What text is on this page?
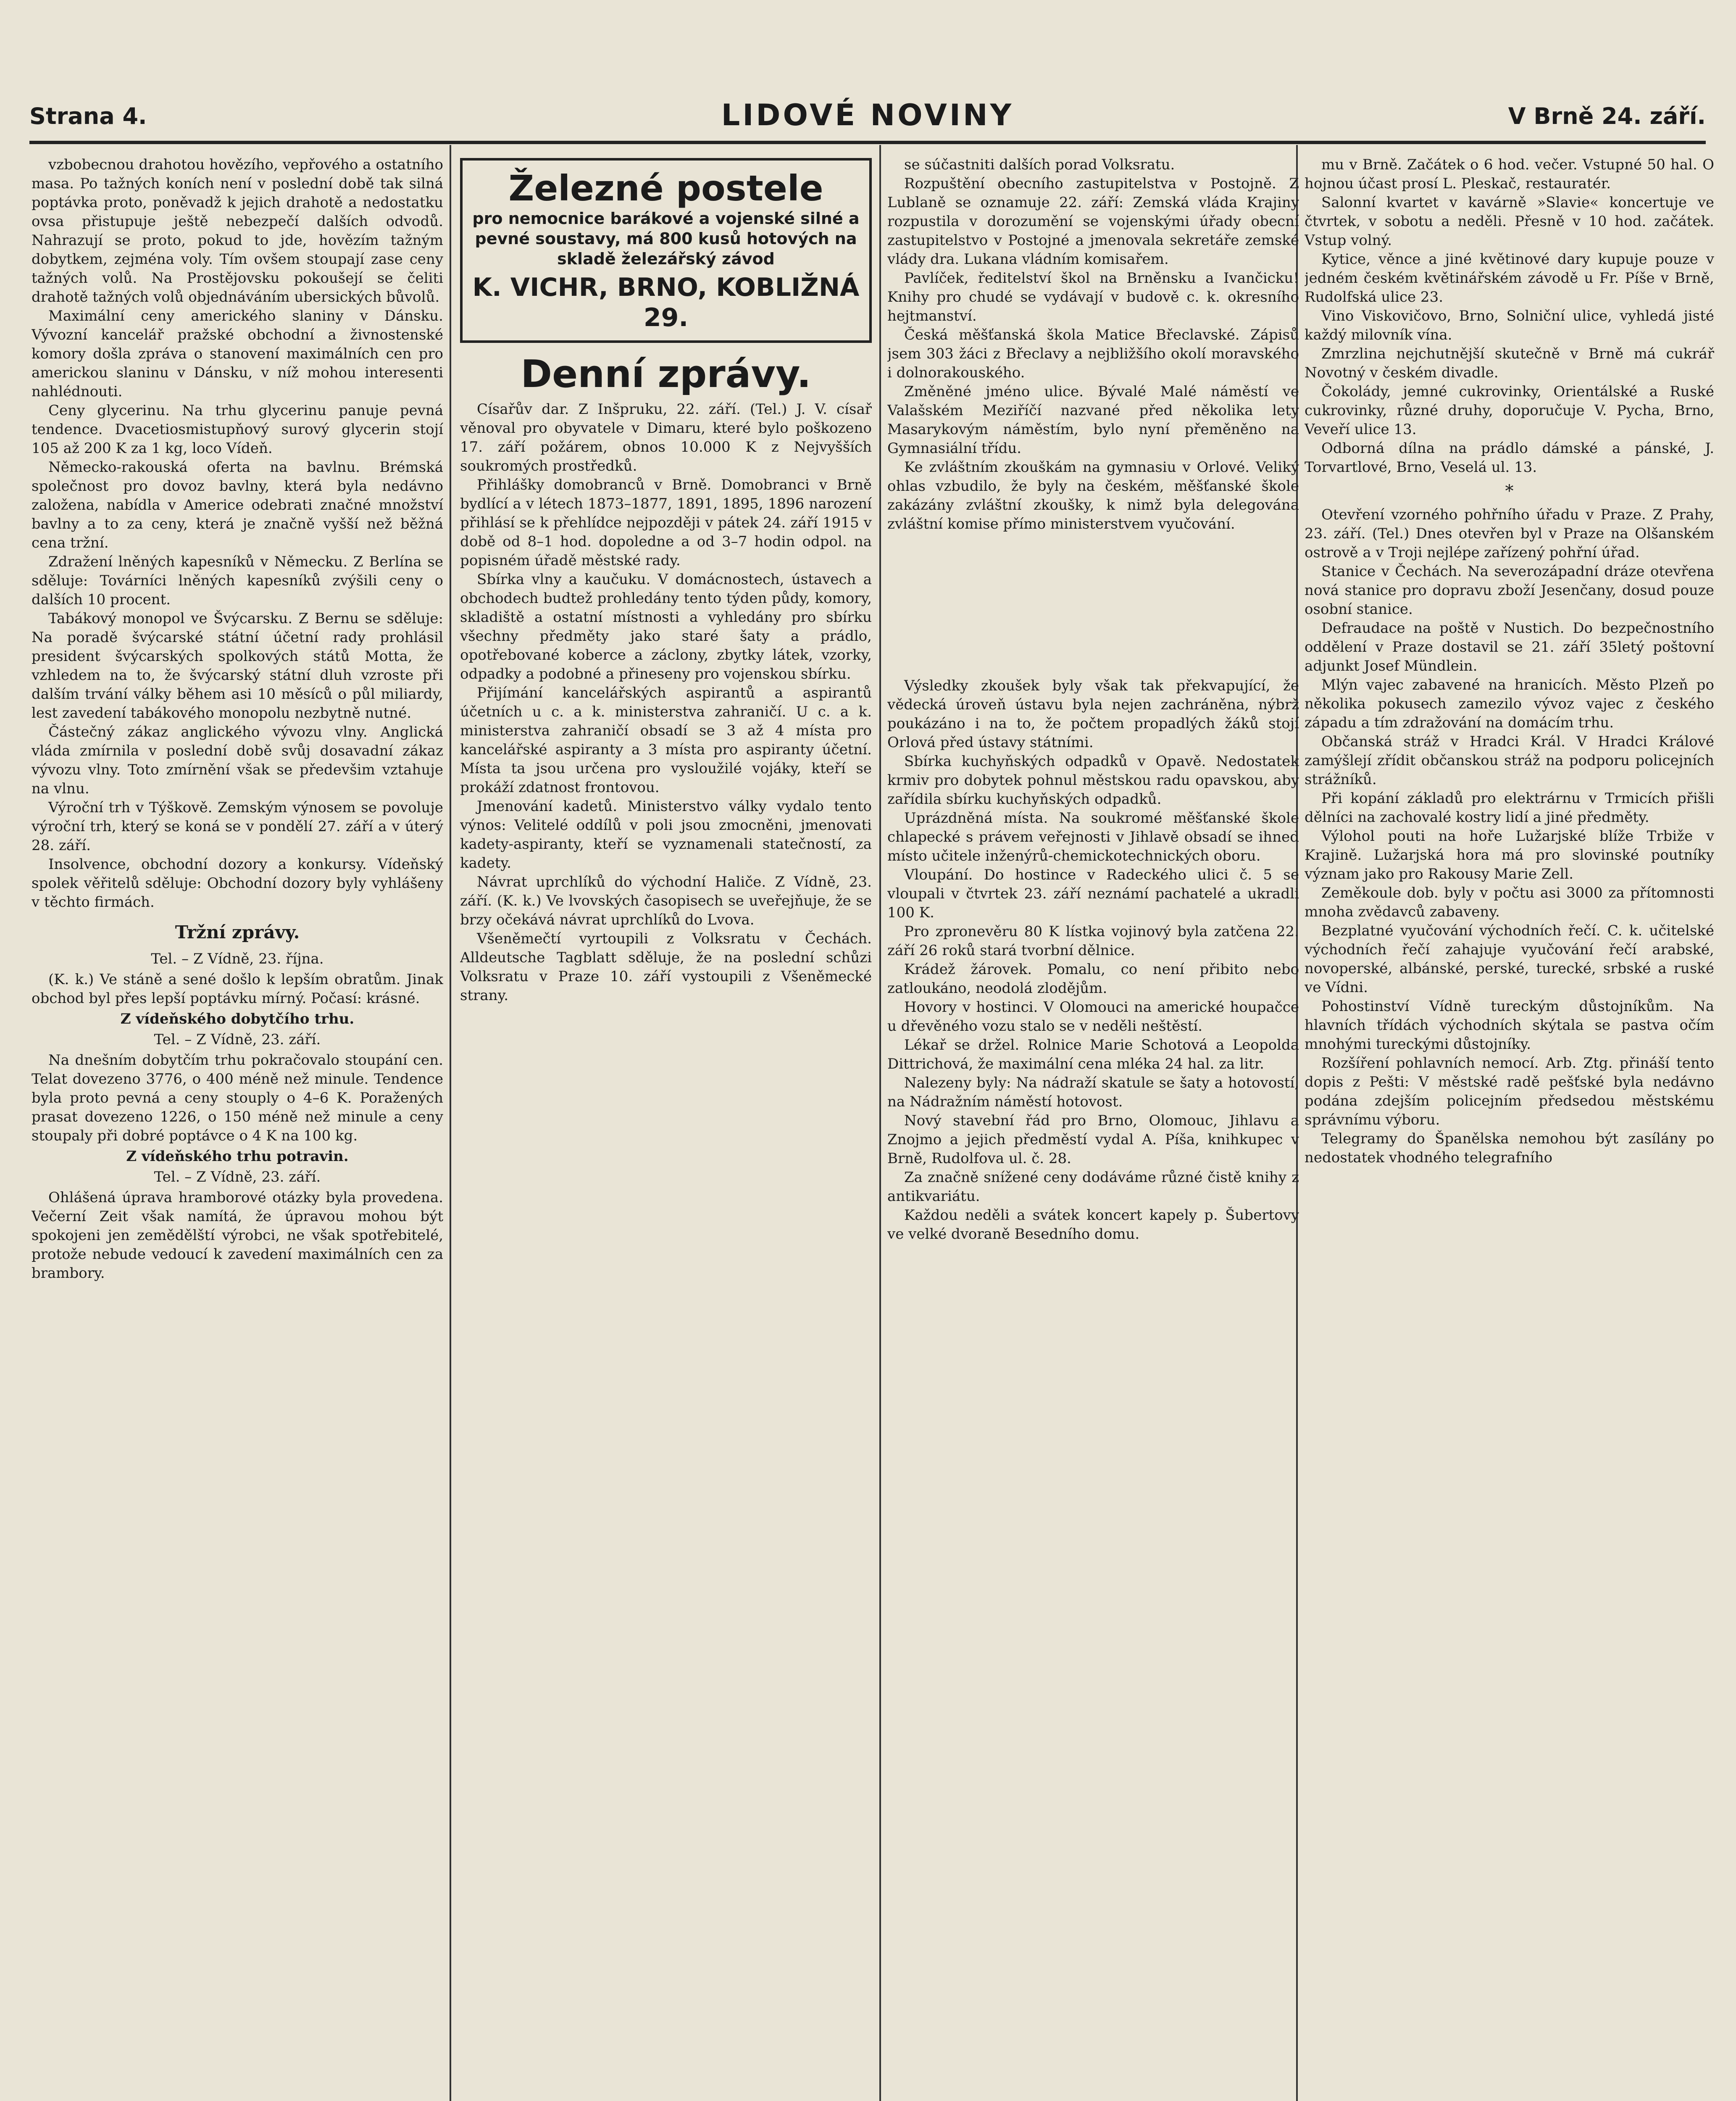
Strana 4.	LIDOVÉ NOVINY	V Brně 24. září.

vzbobecnou drahotou hovězího, vepřového a ostatního masa. Po tažných koních není v poslední době tak silná poptávka proto, poněvadž k jejich drahotě a nedostatku ovsa přistupuje ještě nebezpečí dalších odvodů. Nahrazují se proto, pokud to jde, hovězím tažným dobytkem, zejména voly. Tím ovšem stoupají zase ceny tažných volů. Na Prostějovsku pokoušejí se čeliti drahotě tažných volů objednáváním ubersických bůvolů.

Maximální ceny amerického slaniny v Dánsku. Vývozní kancelář pražské obchodní a živnostenské komory došla zpráva o stanovení maximálních cen pro americkou slaninu v Dánsku, v níž mohou interesenti nahlédnouti.

Ceny glycerinu. Na trhu glycerinu panuje pevná tendence. Dvacetiosmistupňový surový glycerin stojí 105 až 200 K za 1 kg, loco Vídeň.

Německo-rakouská oferta na bavlnu. Brémská společnost pro dovoz bavlny, která byla nedávno založena, nabídla v Americe odebrati značné množství bavlny a to za ceny, která je značně vyšší než běžná cena tržní.

Zdražení lněných kapesníků v Německu. Z Berlína se sděluje: Továrníci lněných kapesníků zvýšili ceny o dalších 10 procent.

Tabákový monopol ve Švýcarsku. Z Bernu se sděluje: Na poradě švýcarské státní účetní rady prohlásil president švýcarských spolkových států Motta, že vzhledem na to, že švýcarský státní dluh vzroste při dalším trvání války během asi 10 měsíců o půl miliardy, lest zavedení tabákového monopolu nezbytně nutné.

Částečný zákaz anglického vývozu vlny. Anglická vláda zmírnila v poslední době svůj dosavadní zákaz vývozu vlny. Toto zmírnění však se předevšim vztahuje na vlnu.

Výroční trh v Týškově. Zemským výnosem se povoluje výroční trh, který se koná se v pondělí 27. září a v úterý 28. září.

Insolvence, obchodní dozory a konkursy. Vídeňský spolek věřitelů sděluje: Obchodní dozory byly vyhlášeny v těchto firmách.

Tržní zprávy.
Tel. – Z Vídně, 23. října.

(K. k.) Ve stáně a sené došlo k lepším obratům. Jinak obchod byl přes lepší poptávku mírný. Počasí: krásné.

Z vídeňského dobytčího trhu.
Tel. – Z Vídně, 23. září.

Na dnešním dobytčím trhu pokračovalo stoupání cen. Telat dovezeno 3776, o 400 méně než minule. Tendence byla proto pevná a ceny stouply o 4–6 K. Poražených prasat dovezeno 1226, o 150 méně než minule a ceny stoupaly při dobré poptávce o 4 K na 100 kg.

Z vídeňského trhu potravin.
Tel. – Z Vídně, 23. září.

Ohlášená úprava hramborové otázky byla provedena. Večerní Zeit však namítá, že úpravou mohou být spokojeni jen zemědělští výrobci, ne však spotřebitelé, protože nebude vedoucí k zavedení maximálních cen za brambory.

Železné postele
pro nemocnice barákové a vojenské silné a pevné soustavy, má 800 kusů hotových na skladě železářský závod
K. VICHR, BRNO, KOBLIŽNÁ 29.
Denní zprávy.

Císařův dar. Z Inšpruku, 22. září. (Tel.) J. V. císař věnoval pro obyvatele v Dimaru, které bylo poškozeno 17. září požárem, obnos 10.000 K z Nejvyšších soukromých prostředků.

Přihlášky domobranců v Brně. Domobranci v Brně bydlící a v létech 1873–1877, 1891, 1895, 1896 narození přihlásí se k přehlídce nejpozději v pátek 24. září 1915 v době od 8–1 hod. dopoledne a od 3–7 hodin odpol. na popisném úřadě městské rady.

Sbírka vlny a kaučuku. V domácnostech, ústavech a obchodech budtež prohledány tento týden půdy, komory, skladiště a ostatní místnosti a vyhledány pro sbírku všechny předměty jako staré šaty a prádlo, opotřebované koberce a záclony, zbytky látek, vzorky, odpadky a podobné a přineseny pro vojenskou sbírku.

Přijímání kancelářských aspirantů a aspirantů účetních u c. a k. ministerstva zahraničí. U c. a k. ministerstva zahraničí obsadí se 3 až 4 místa pro kancelářské aspiranty a 3 místa pro aspiranty účetní. Místa ta jsou určena pro vysloužilé vojáky, kteří se prokáží zdatnost frontovou.

Jmenování kadetů. Ministerstvo války vydalo tento výnos: Velitelé oddílů v poli jsou zmocněni, jmenovati kadety-aspiranty, kteří se vyznamenali statečností, za kadety.

Návrat uprchlíků do východní Haliče. Z Vídně, 23. září. (K. k.) Ve lvovských časopisech se uveřejňuje, že se brzy očekává návrat uprchlíků do Lvova.

Všeněmečtí vyrtoupili z Volksratu v Čechách. Alldeutsche Tagblatt sděluje, že na poslední schůzi Volksratu v Praze 10. září vystoupili z Všeněmecké strany.

se súčastniti dalších porad Volksratu.

Rozpuštění obecního zastupitelstva v Postojně. Z Lublaně se oznamuje 22. září: Zemská vláda Krajiny rozpustila v dorozumění se vojenskými úřady obecní zastupitelstvo v Postojné a jmenovala sekretáře zemské vlády dra. Lukana vládním komisařem.

Pavlíček, ředitelství škol na Brněnsku a Ivančicku! Knihy pro chudé se vydávají v budově c. k. okresního hejtmanství.

Česká měšťanská škola Matice Břeclavské. Zápisů jsem 303 žáci z Břeclavy a nejbližšího okolí moravského i dolnorakouského.

Změněné jméno ulice. Bývalé Malé náměstí ve Valašském Meziříčí nazvané před několika lety Masarykovým náměstím, bylo nyní přeměněno na Gymnasiální třídu.

Ke zvláštním zkouškám na gymnasiu v Orlové. Veliký ohlas vzbudilo, že byly na českém, měšťanské škole zakázány zvláštní zkoušky, k nimž byla delegována zvláštní komise přímo ministerstvem vyučování.

Výsledky zkoušek byly však tak překvapující, že vědecká úroveň ústavu byla nejen zachráněna, nýbrž poukázáno i na to, že počtem propadlých žáků stojí Orlová před ústavy státními.

Sbírka kuchyňských odpadků v Opavě. Nedostatek krmiv pro dobytek pohnul městskou radu opavskou, aby zařídila sbírku kuchyňských odpadků.

Uprázdněná místa. Na soukromé měšťanské škole chlapecké s právem veřejnosti v Jihlavě obsadí se ihned místo učitele inženýrů-chemickotechnických oboru.

Vloupání. Do hostince v Radeckého ulici č. 5 se vloupali v čtvrtek 23. září neznámí pachatelé a ukradli 100 K.

Pro zpronevěru 80 K lístka vojinový byla zatčena 22. září 26 roků stará tvorbní dělnice.

Krádež žárovek. Pomalu, co není přibito nebo zatloukáno, neodolá zlodějům.

Hovory v hostinci. V Olomouci na americké houpačce u dřevěného vozu stalo se v neděli neštěstí.

Lékař se držel. Rolnice Marie Schotová a Leopolda Dittrichová, že maximální cena mléka 24 hal. za litr.

Nalezeny byly: Na nádraží skatule se šaty a hotovostí, na Nádražním náměstí hotovost.

Nový stavební řád pro Brno, Olomouc, Jihlavu a Znojmo a jejich předměstí vydal A. Píša, knihkupec v Brně, Rudolfova ul. č. 28.

Za značně snížené ceny dodáváme různé čistě knihy z antikvariátu.

Každou neděli a svátek koncert kapely p. Šubertovy ve velké dvoraně Besedního domu.

mu v Brně. Začátek o 6 hod. večer. Vstupné 50 hal. O hojnou účast prosí L. Pleskač, restauratér.

Salonní kvartet v kavárně »Slavie« koncertuje ve čtvrtek, v sobotu a neděli. Přesně v 10 hod. začátek. Vstup volný.

Kytice, věnce a jiné květinové dary kupuje pouze v jedném českém květinářském závodě u Fr. Píše v Brně, Rudolfská ulice 23.

Vino Viskovičovo, Brno, Solniční ulice, vyhledá jisté každý milovník vína.

Zmrzlina nejchutnější skutečně v Brně má cukrář Novotný v českém divadle.

Čokolády, jemné cukrovinky, Orientálské a Ruské cukrovinky, různé druhy, doporučuje V. Pycha, Brno, Veveří ulice 13.

Odborná dílna na prádlo dámské a pánské, J. Torvartlové, Brno, Veselá ul. 13.

*

Otevření vzorného pohřního úřadu v Praze. Z Prahy, 23. září. (Tel.) Dnes otevřen byl v Praze na Olšanském ostrově a v Troji nejlépe zařízený pohřní úřad.

Stanice v Čechách. Na severozápadní dráze otevřena nová stanice pro dopravu zboží Jesenčany, dosud pouze osobní stanice.

Defraudace na poště v Nustich. Do bezpečnostního oddělení v Praze dostavil se 21. září 35letý poštovní adjunkt Josef Mündlein.

Mlýn vajec zabavené na hranicích. Město Plzeň po několika pokusech zamezilo vývoz vajec z českého západu a tím zdražování na domácím trhu.

Občanská stráž v Hradci Král. V Hradci Králové zamýšlejí zřídit občanskou stráž na podporu policejních strážníků.

Při kopání základů pro elektrárnu v Trmicích přišli dělníci na zachovalé kostry lidí a jiné předměty.

Výlohol pouti na hoře Lužarjské blíže Trbiže v Krajině. Lužarjská hora má pro slovinské poutníky význam jako pro Rakousy Marie Zell.

Zeměkoule dob. byly v počtu asi 3000 za přítomnosti mnoha zvědavců zabaveny.

Bezplatné vyučování východních řečí. C. k. učitelské východních řečí zahajuje vyučování řečí arabské, novoperské, albánské, perské, turecké, srbské a ruské ve Vídni.

Pohostinství Vídně tureckým důstojníkům. Na hlavních třídách východních skýtala se pastva očím mnohými tureckými důstojníky.

Rozšíření pohlavních nemocí. Arb. Ztg. přináší tento dopis z Pešti: V městské radě pešťské byla nedávno podána zdejším policejním předsedou městskému správnímu výboru.

Telegramy do Španělska nemohou být zasílány po nedostatek vhodného telegrafního
